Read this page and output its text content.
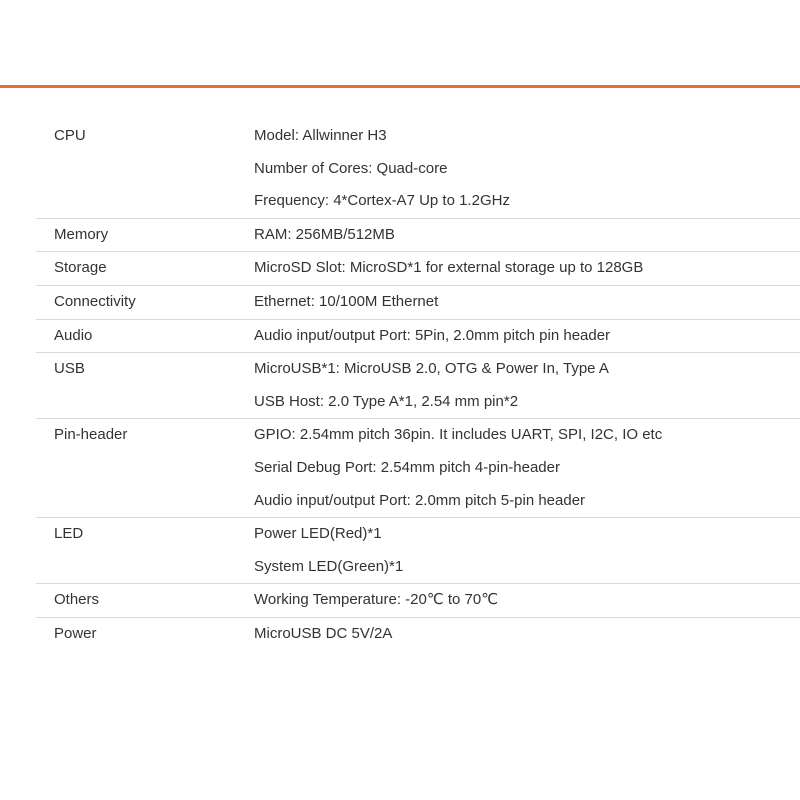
CPU	Model: Allwinner H3
Number of Cores: Quad-core
Frequency: 4*Cortex-A7 Up to 1.2GHz
Memory	RAM: 256MB/512MB
Storage	MicroSD Slot: MicroSD*1 for external storage up to 128GB
Connectivity	Ethernet: 10/100M Ethernet
Audio	Audio input/output Port: 5Pin, 2.0mm pitch pin header
USB	MicroUSB*1: MicroUSB 2.0, OTG & Power In, Type A
USB Host: 2.0 Type A*1, 2.54 mm pin*2
Pin-header	GPIO: 2.54mm pitch 36pin. It includes UART, SPI, I2C, IO etc
Serial Debug Port: 2.54mm pitch 4-pin-header
Audio input/output Port: 2.0mm pitch 5-pin header
LED	Power LED(Red)*1
System LED(Green)*1
Others	Working Temperature: -20℃ to 70℃
Power	MicroUSB DC 5V/2A
